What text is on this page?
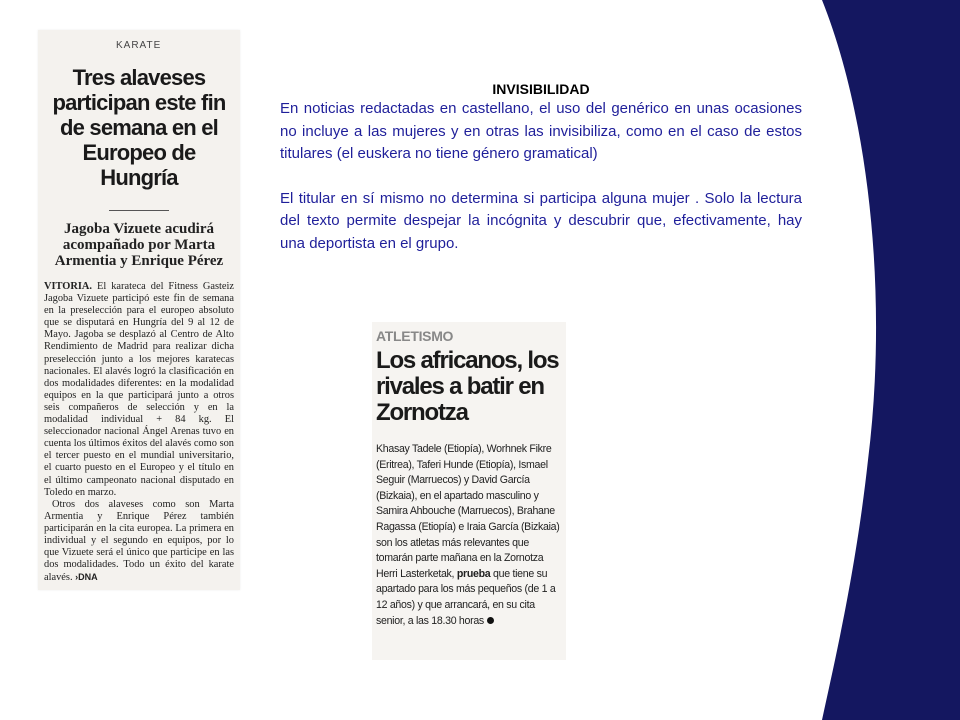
KARATE
Tres alaveses participan este fin de semana en el Europeo de Hungría
Jagoba Vizuete acudirá acompañado por Marta Armentia y Enrique Pérez

VITORIA. El karateca del Fitness Gasteiz Jagoba Vizuete participó este fin de semana en la preselección para el europeo absoluto que se disputará en Hungría del 9 al 12 de Mayo. Jagoba se desplazó al Centro de Alto Rendimiento de Madrid para realizar dicha preselección junto a los mejores karatecas nacionales. El alavés logró la clasificación en dos modalidades diferentes: en la modalidad equipos en la que participará junto a otros seis compañeros de selección y en la modalidad individual + 84 kg. El seleccionador nacional Ángel Arenas tuvo en cuenta los últimos éxitos del alavés como son el tercer puesto en el mundial universitario, el cuarto puesto en el Europeo y el título en el último campeonato nacional disputado en Toledo en marzo.

Otros dos alaveses como son Marta Armentia y Enrique Pérez también participarán en la cita europea. La primera en individual y el segundo en equipos, por lo que Vizuete será el único que participe en las dos modalidades. Todo un éxito del karate alavés. ›DNA

INVISIBILIDAD

En noticias redactadas en castellano, el uso del genérico en unas ocasiones no incluye a las mujeres y en otras las invisibiliza, como en el caso de estos titulares (el euskera no tiene género gramatical)

El titular en sí mismo no determina si participa alguna mujer . Solo la lectura del texto permite despejar la incógnita y descubrir que, efectivamente, hay una deportista en el grupo.

ATLETISMO
Los africanos, los rivales a batir en Zornotza
Khasay Tadele (Etiopía), Worhnek Fikre (Eritrea), Taferi Hunde (Etiopía), Ismael Seguir (Marruecos) y David García (Bizkaia), en el apartado masculino y Samira Ahbouche (Marruecos), Brahane Ragassa (Etiopía) e Iraia García (Bizkaia) son los atletas más relevantes que tomarán parte mañana en la Zornotza Herri Lasterketak, prueba que tiene su apartado para los más pequeños (de 1 a 12 años) y que arrancará, en su cita senior, a las 18.30 horas
